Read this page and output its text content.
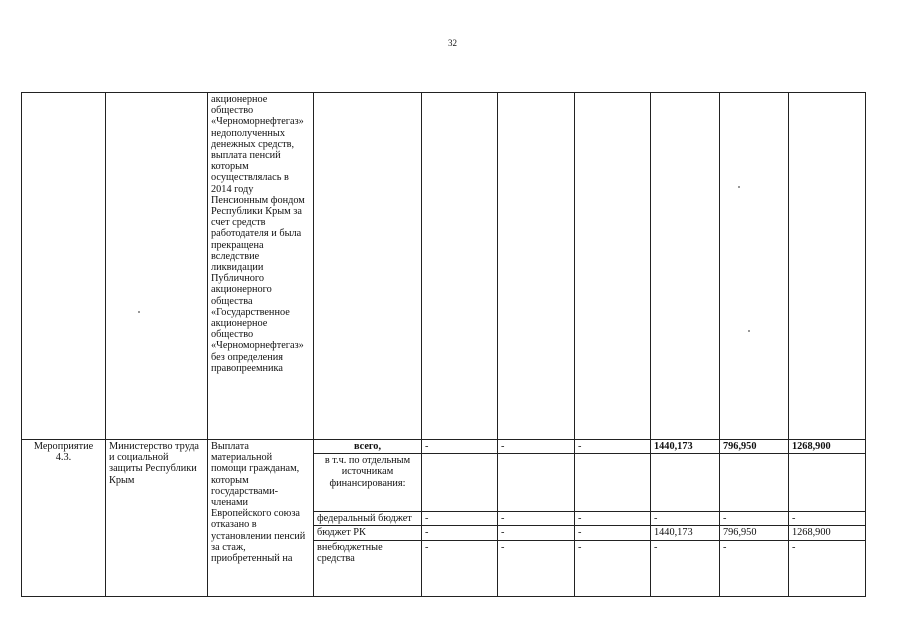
32
		акционерное общество «Черноморнефтегаз» недополученных денежных средств, выплата пенсий которым осуществлялась в 2014 году Пенсионным фондом Республики Крым за счет средств работодателя и была прекращена вследствие ликвидации Публичного акционерного общества «Государственное акционерное общество «Черноморнефтегаз» без определения правопреемника							
Мероприятие 4.3.	Министерство труда и социальной защиты Республики Крым	Выплата материальной помощи гражданам, которым государствами-членами Европейского союза отказано в установлении пенсий за стаж, приобретенный на	всего,	-	-	-	1440,173	796,950	1268,900
			в т.ч. по отдельным источникам финансирования:						
			федеральный бюджет	-	-	-	-	-	-
			бюджет РК	-	-	-	1440,173	796,950	1268,900
			внебюджетные средства	-	-	-	-	-	-
